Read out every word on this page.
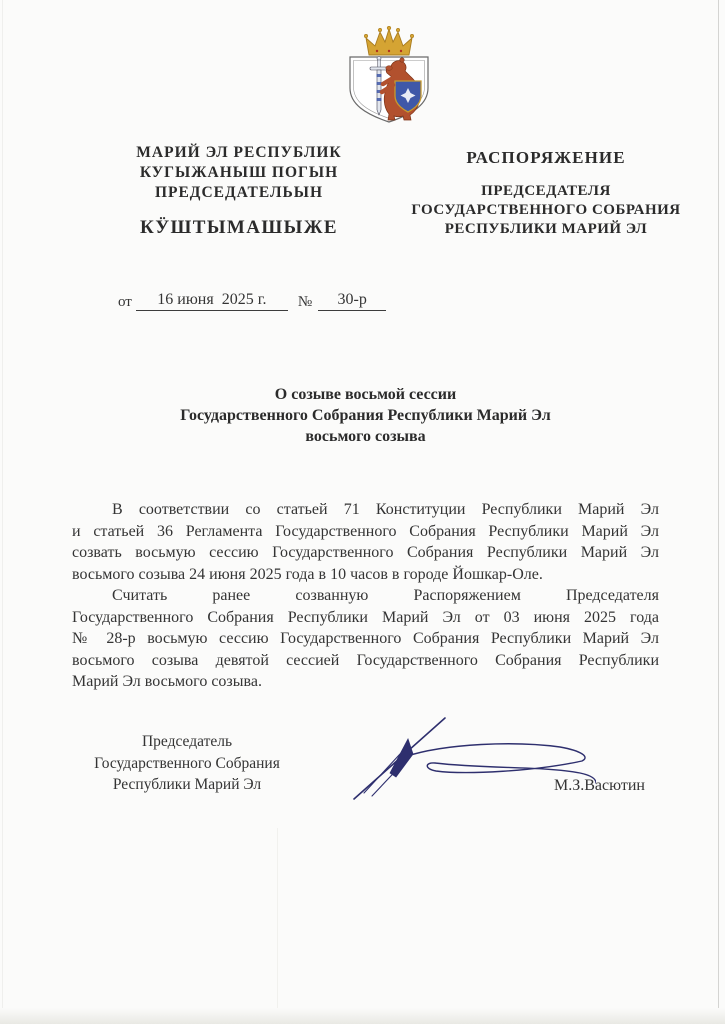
МАРИЙ ЭЛ РЕСПУБЛИК
КУГЫЖАНЫШ ПОГЫН
ПРЕДСЕДАТЕЛЬЫН
КӰШТЫМАШЫЖЕ
РАСПОРЯЖЕНИЕ
ПРЕДСЕДАТЕЛЯ
ГОСУДАРСТВЕННОГО СОБРАНИЯ
РЕСПУБЛИКИ МАРИЙ ЭЛ
от	16 июня  2025 г.	№	30-р
О созыве восьмой сессии
Государственного Собрания Республики Марий Эл
восьмого созыва
В соответствии со статьей 71 Конституции Республики Марий Эл
и статьей 36 Регламента Государственного Собрания Республики Марий Эл
созвать восьмую сессию Государственного Собрания Республики Марий Эл
восьмого созыва 24 июня 2025 года в 10 часов в городе Йошкар-Оле.
Считать ранее созванную Распоряжением Председателя
Государственного Собрания Республики Марий Эл от 03 июня 2025 года
№ 28-р восьмую сессию Государственного Собрания Республики Марий Эл
восьмого созыва девятой сессией Государственного Собрания Республики
Марий Эл восьмого созыва.
Председатель
Государственного Собрания
Республики Марий Эл	М.З.Васютин
